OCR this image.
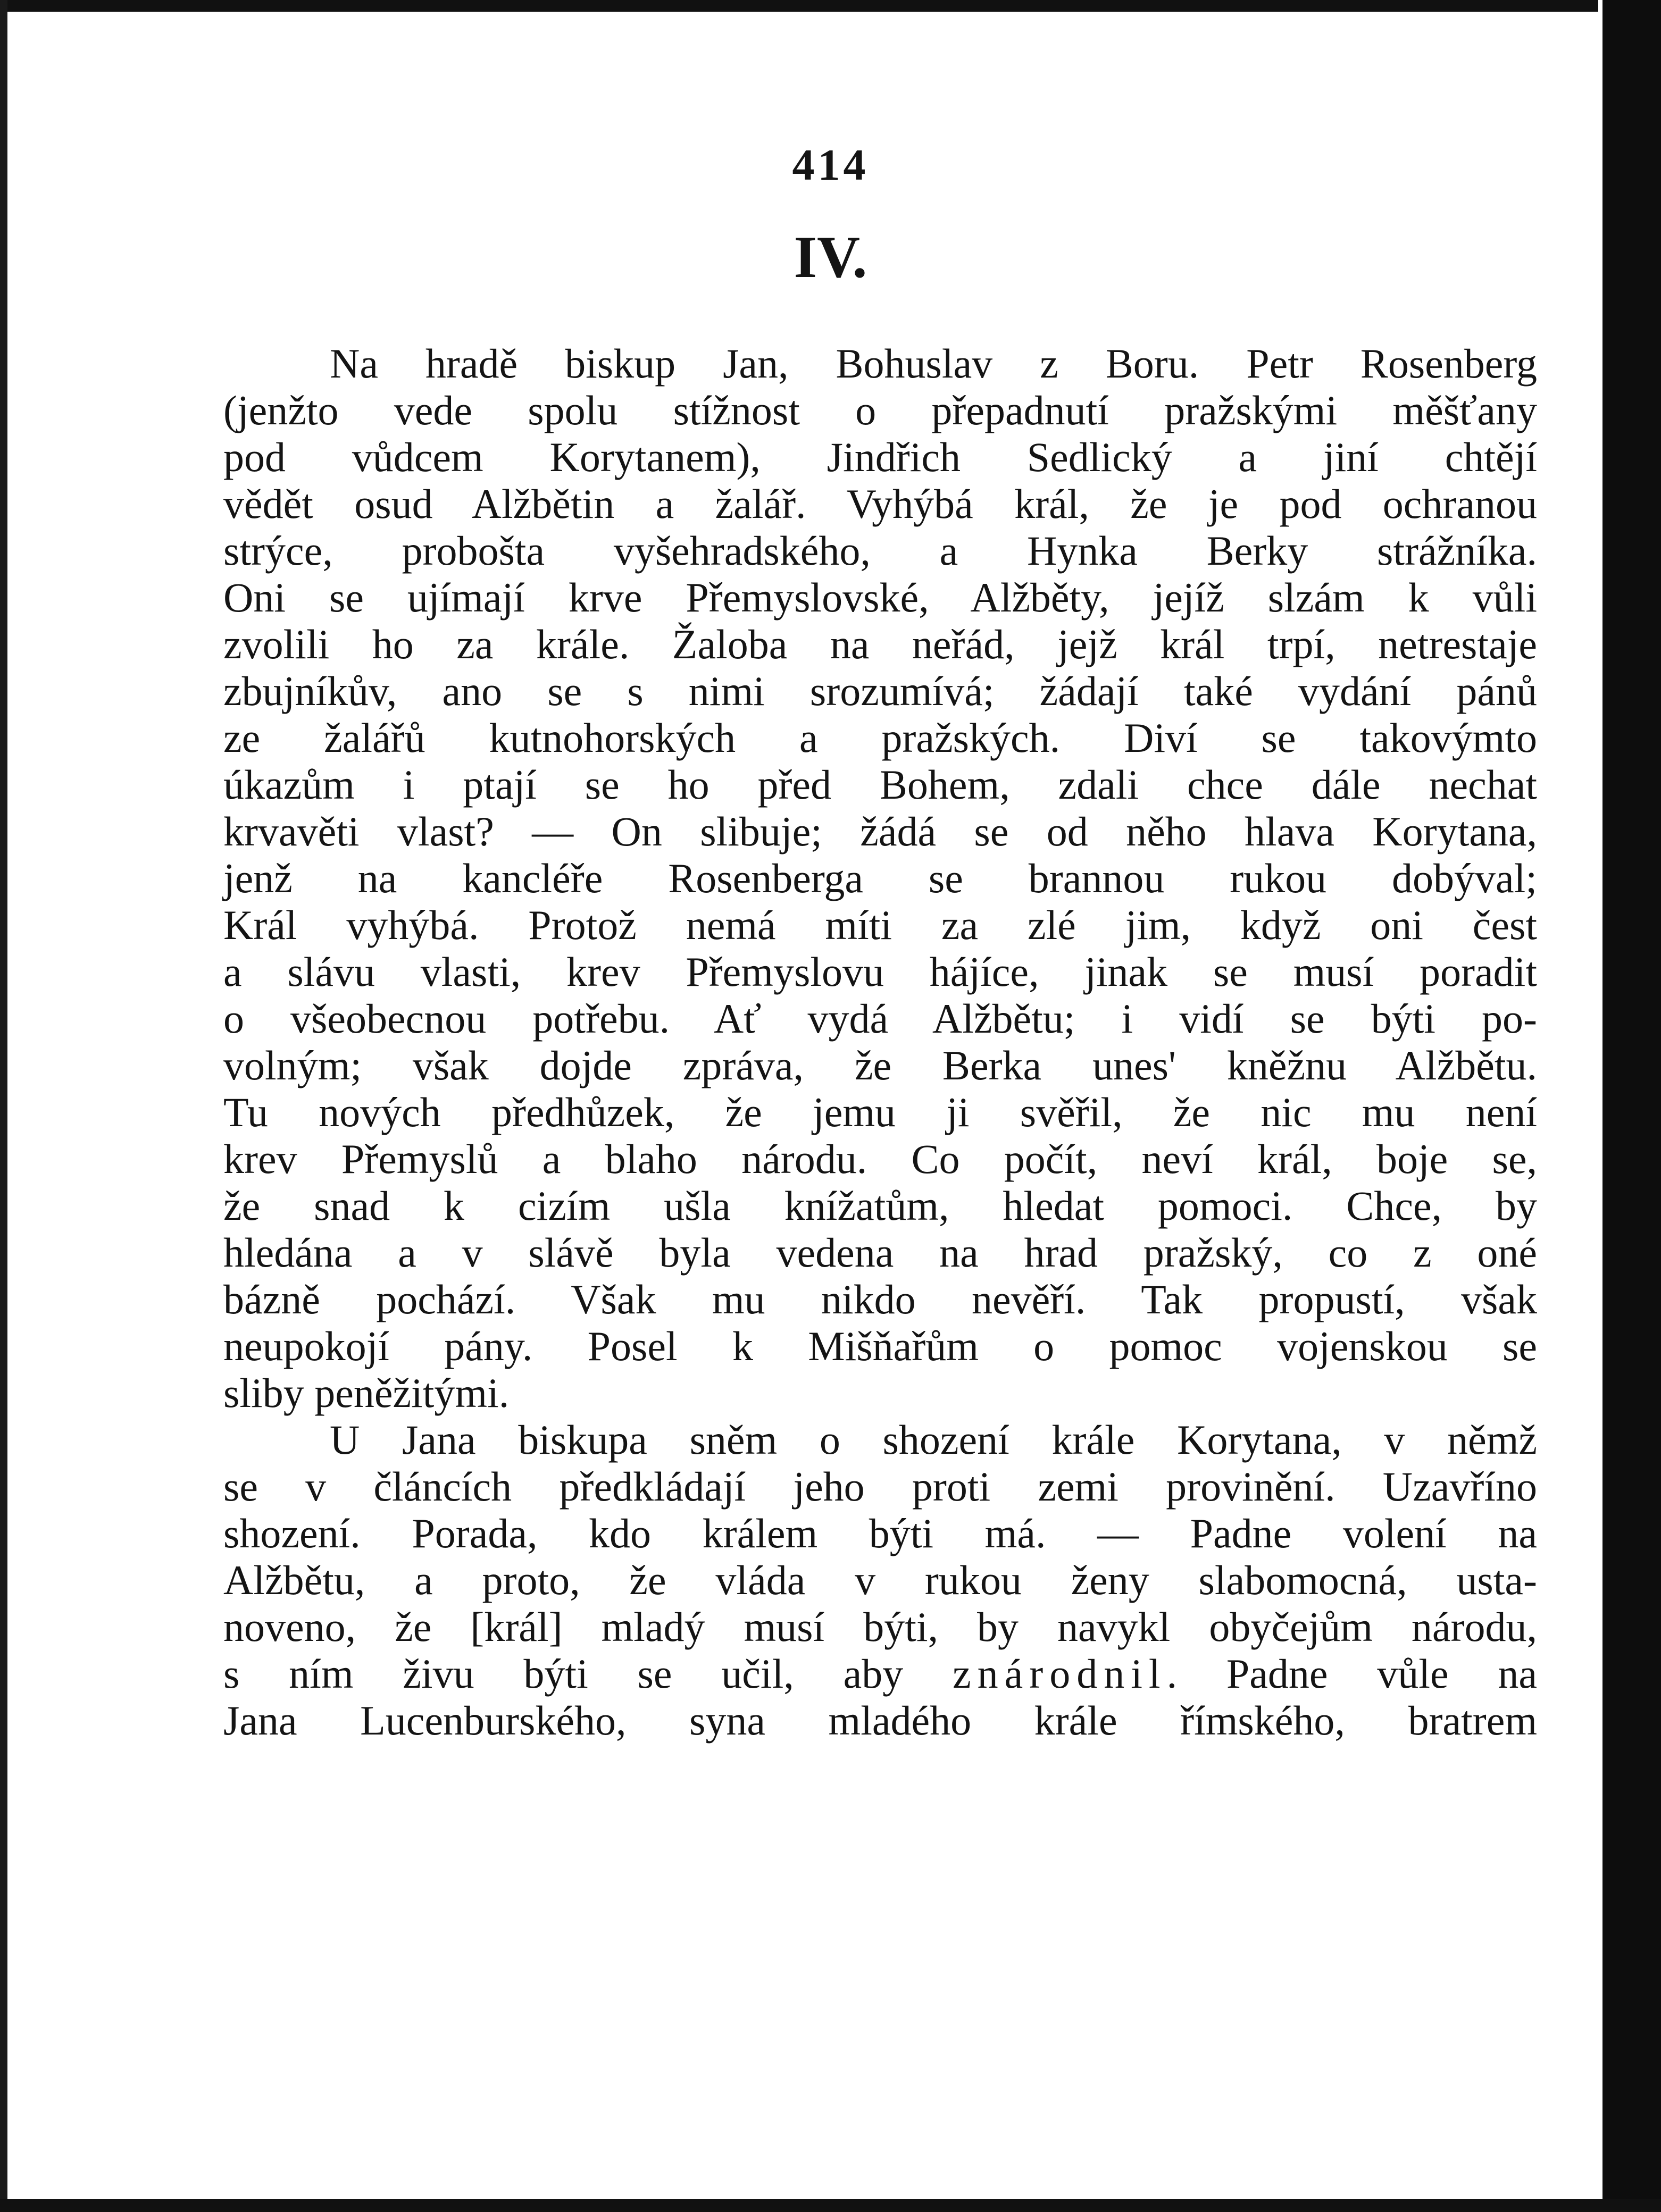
414
IV.
Na hradě biskup Jan, Bohuslav z Boru. Petr Rosenberg
(jenžto vede spolu stížnost o přepadnutí pražskými měšťany
pod vůdcem Korytanem), Jindřich Sedlický a jiní chtějí
vědět osud Alžbětin a žalář. Vyhýbá král, že je pod ochranou
strýce, probošta vyšehradského, a Hynka Berky strážníka.
Oni se ujímají krve Přemyslovské, Alžběty, jejíž slzám k vůli
zvolili ho za krále. Žaloba na neřád, jejž král trpí, netrestaje
zbujníkův, ano se s nimi srozumívá; žádají také vydání pánů
ze žalářů kutnohorských a pražských. Diví se takovýmto
úkazům i ptají se ho před Bohem, zdali chce dále nechat
krvavěti vlast? — On slibuje; žádá se od něho hlava Korytana,
jenž na kancléře Rosenberga se brannou rukou dobýval;
Král vyhýbá. Protož nemá míti za zlé jim, když oni čest
a slávu vlasti, krev Přemyslovu hájíce, jinak se musí poradit
o všeobecnou potřebu. Ať vydá Alžbětu; i vidí se býti po-
volným; však dojde zpráva, že Berka unes' kněžnu Alžbětu.
Tu nových předhůzek, že jemu ji svěřil, že nic mu není
krev Přemyslů a blaho národu. Co počít, neví král, boje se,
že snad k cizím ušla knížatům, hledat pomoci. Chce, by
hledána a v slávě byla vedena na hrad pražský, co z oné
bázně pochází. Však mu nikdo nevěří. Tak propustí, však
neupokojí pány. Posel k Mišňařům o pomoc vojenskou se
sliby peněžitými.
U Jana biskupa sněm o shození krále Korytana, v němž
se v článcích předkládají jeho proti zemi provinění. Uzavříno
shození. Porada, kdo králem býti má. — Padne volení na
Alžbětu, a proto, že vláda v rukou ženy slabomocná, usta-
noveno, že [král] mladý musí býti, by navykl obyčejům národu,
s ním živu býti se učil, aby znárodnil. Padne vůle na
Jana Lucenburského, syna mladého krále římského, bratrem
